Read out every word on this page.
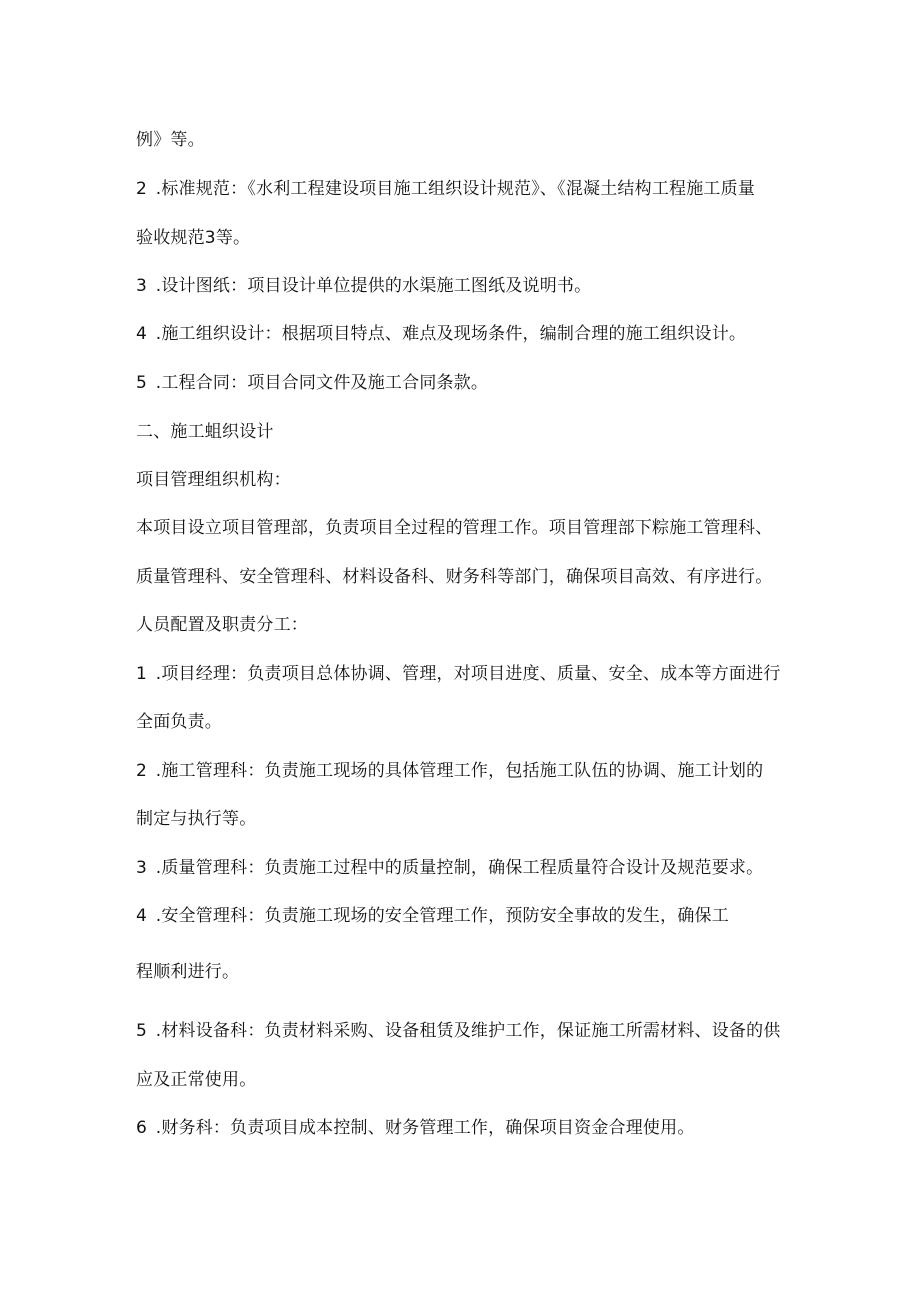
例》等。
2 .标准规范：《水利工程建设项目施工组织设计规范》、《混凝土结构工程施工质量
验收规范3等。
3 .设计图纸：项目设计单位提供的水渠施工图纸及说明书。
4 .施工组织设计：根据项目特点、难点及现场条件，编制合理的施工组织设计。
5 .工程合同：项目合同文件及施工合同条款。
二、施工蛆织设计
项目管理组织机构：
本项目设立项目管理部，负责项目全过程的管理工作。项目管理部下粽施工管理科、
质量管理科、安全管理科、材料设备科、财务科等部门，确保项目高效、有序进行。
人员配置及职责分工：
1 .项目经理：负责项目总体协调、管理，对项目进度、质量、安全、成本等方面进行
全面负责。
2 .施工管理科：负责施工现场的具体管理工作，包括施工队伍的协调、施工计划的
制定与执行等。
3 .质量管理科：负责施工过程中的质量控制，确保工程质量符合设计及规范要求。
4 .安全管理科：负责施工现场的安全管理工作，预防安全事故的发生，确保工
程顺利进行。
5 .材料设备科：负责材料采购、设备租赁及维护工作，保证施工所需材料、设备的供
应及正常使用。
6 .财务科：负责项目成本控制、财务管理工作，确保项目资金合理使用。
